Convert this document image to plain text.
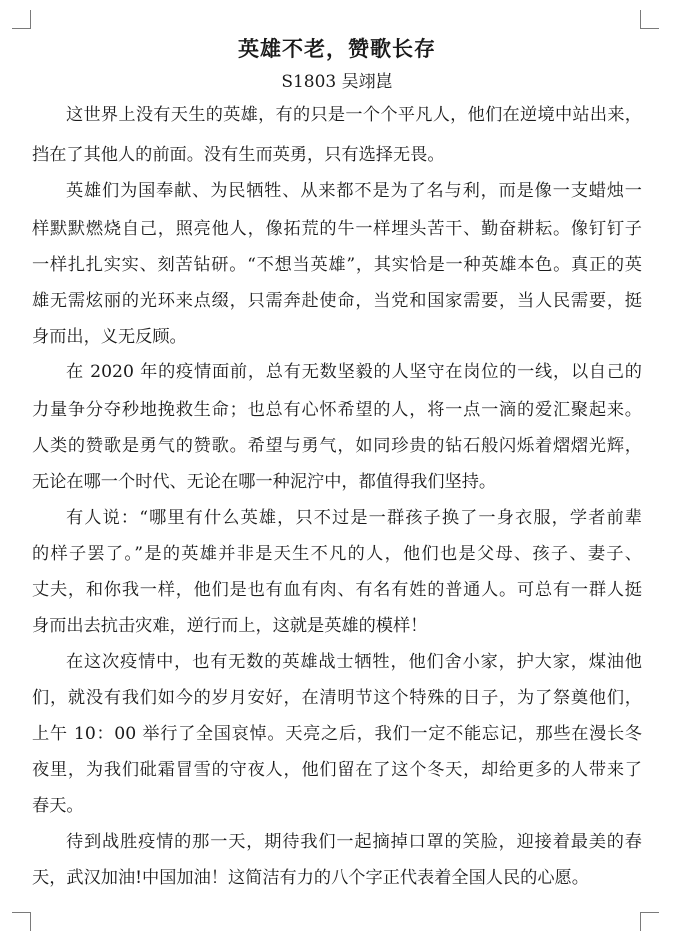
英雄不老，赞歌长存
S1803 吴翊崑
这世界上没有天生的英雄，有的只是一个个平凡人，他们在逆境中站出来，
挡在了其他人的前面。没有生而英勇，只有选择无畏。
英雄们为国奉献、为民牺牲、从来都不是为了名与利，而是像一支蜡烛一
样默默燃烧自己，照亮他人，像拓荒的牛一样埋头苦干、勤奋耕耘。像钉钉子
一样扎扎实实、刻苦钻研。“不想当英雄”，其实恰是一种英雄本色。真正的英
雄无需炫丽的光环来点缀，只需奔赴使命，当党和国家需要，当人民需要，挺
身而出，义无反顾。
在 2020 年的疫情面前，总有无数坚毅的人坚守在岗位的一线，以自己的
力量争分夺秒地挽救生命；也总有心怀希望的人，将一点一滴的爱汇聚起来。
人类的赞歌是勇气的赞歌。希望与勇气，如同珍贵的钻石般闪烁着熠熠光辉，
无论在哪一个时代、无论在哪一种泥泞中，都值得我们坚持。
有人说：“哪里有什么英雄，只不过是一群孩子换了一身衣服，学者前辈
的样子罢了。”是的英雄并非是天生不凡的人，他们也是父母、孩子、妻子、
丈夫，和你我一样，他们是也有血有肉、有名有姓的普通人。可总有一群人挺
身而出去抗击灾难，逆行而上，这就是英雄的模样！
在这次疫情中，也有无数的英雄战士牺牲，他们舍小家，护大家，煤油他
们，就没有我们如今的岁月安好，在清明节这个特殊的日子，为了祭奠他们，
上午 10：00 举行了全国哀悼。天亮之后，我们一定不能忘记，那些在漫长冬
夜里，为我们砒霜冒雪的守夜人，他们留在了这个冬天，却给更多的人带来了
春天。
待到战胜疫情的那一天，期待我们一起摘掉口罩的笑脸，迎接着最美的春
天，武汉加油!中国加油！这简洁有力的八个字正代表着全国人民的心愿。
